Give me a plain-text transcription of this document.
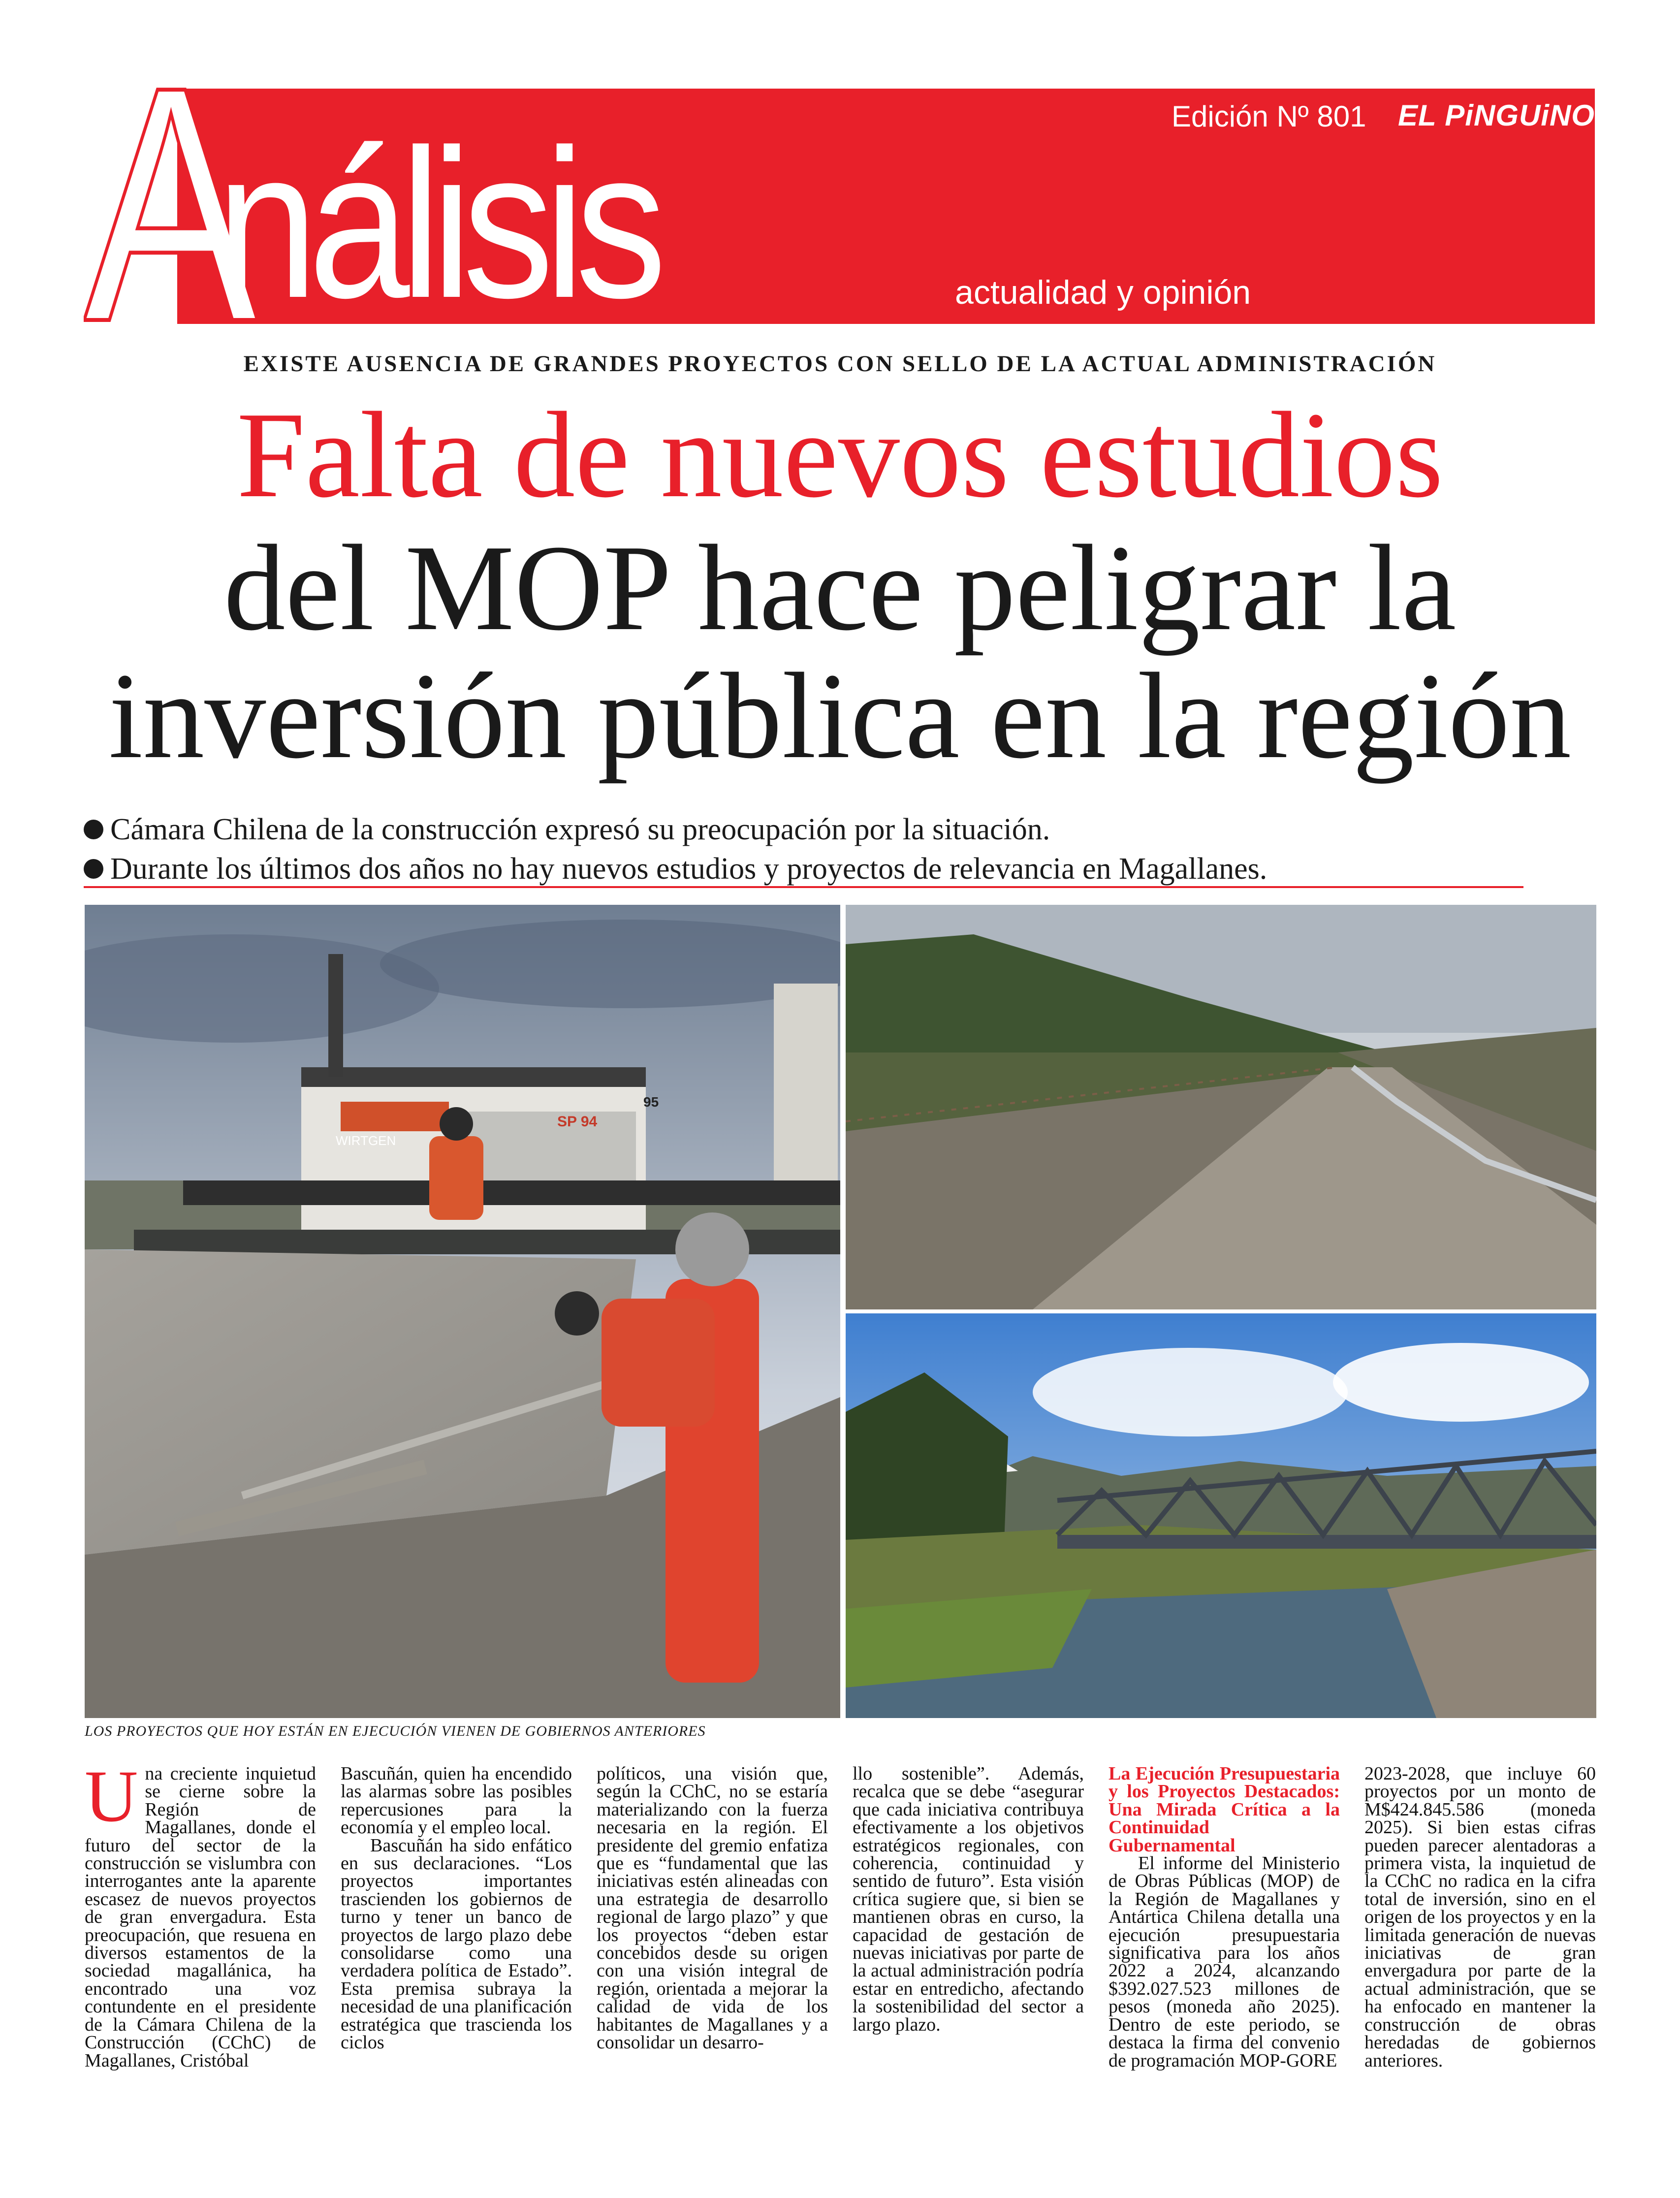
A
nálisis	Edición Nº 801 EL PiNGUiNO
actualidad y opinión
EXISTE AUSENCIA DE GRANDES PROYECTOS CON SELLO DE LA ACTUAL ADMINISTRACIÓN
Falta de nuevos estudios
del MOP hace peligrar la
inversión pública en la región
Cámara Chilena de la construcción expresó su preocupación por la situación.
Durante los últimos dos años no hay nuevos estudios y proyectos de relevancia en Magallanes.
WIRTGEN
SP 94
95
LOS PROYECTOS QUE HOY ESTÁN EN EJECUCIÓN VIENEN DE GOBIERNOS ANTERIORES

Una creciente inquietud se cierne sobre la Región de Magallanes, donde el futuro del sector de la construcción se vislumbra con interrogantes ante la aparente escasez de nuevos proyectos de gran envergadura. Esta preocupación, que resuena en diversos estamentos de la sociedad magallánica, ha encontrado una voz contundente en el presidente de la Cámara Chilena de la Construcción (CChC) de Magallanes, Cristóbal

Bascuñán, quien ha encendido las alarmas sobre las posibles repercusiones para la economía y el empleo local.

Bascuñán ha sido enfático en sus declaraciones. “Los proyectos importantes trascienden los gobiernos de turno y tener un banco de proyectos de largo plazo debe consolidarse como una verdadera política de Estado”. Esta premisa subraya la necesidad de una planificación estratégica que trascienda los ciclos

políticos, una visión que, según la CChC, no se estaría materializando con la fuerza necesaria en la región. El presidente del gremio enfatiza que es “fundamental que las iniciativas estén alineadas con una estrategia de desarrollo regional de largo plazo” y que los proyectos “deben estar concebidos desde su origen con una visión integral de región, orientada a mejorar la calidad de vida de los habitantes de Magallanes y a consolidar un desarro-

llo sostenible”. Además, recalca que se debe “asegurar que cada iniciativa contribuya efectivamente a los objetivos estratégicos regionales, con coherencia, continuidad y sentido de futuro”. Esta visión crítica sugiere que, si bien se mantienen obras en curso, la capacidad de gestación de nuevas iniciativas por parte de la actual administración podría estar en entredicho, afectando la sostenibilidad del sector a largo plazo.

La Ejecución Presupuestaria y los Proyectos Destacados: Una Mirada Crítica a la Continuidad Gubernamental

El informe del Ministerio de Obras Públicas (MOP) de la Región de Magallanes y Antártica Chilena detalla una ejecución presupuestaria significativa para los años 2022 a 2024, alcanzando $392.027.523 millones de pesos (moneda año 2025). Dentro de este periodo, se destaca la firma del convenio de programación MOP-GORE

2023-2028, que incluye 60 proyectos por un monto de M$424.845.586 (moneda 2025). Si bien estas cifras pueden parecer alentadoras a primera vista, la inquietud de la CChC no radica en la cifra total de inversión, sino en el origen de los proyectos y en la limitada generación de nuevas iniciativas de gran envergadura por parte de la actual administración, que se ha enfocado en mantener la construcción de obras heredadas de gobiernos anteriores.
